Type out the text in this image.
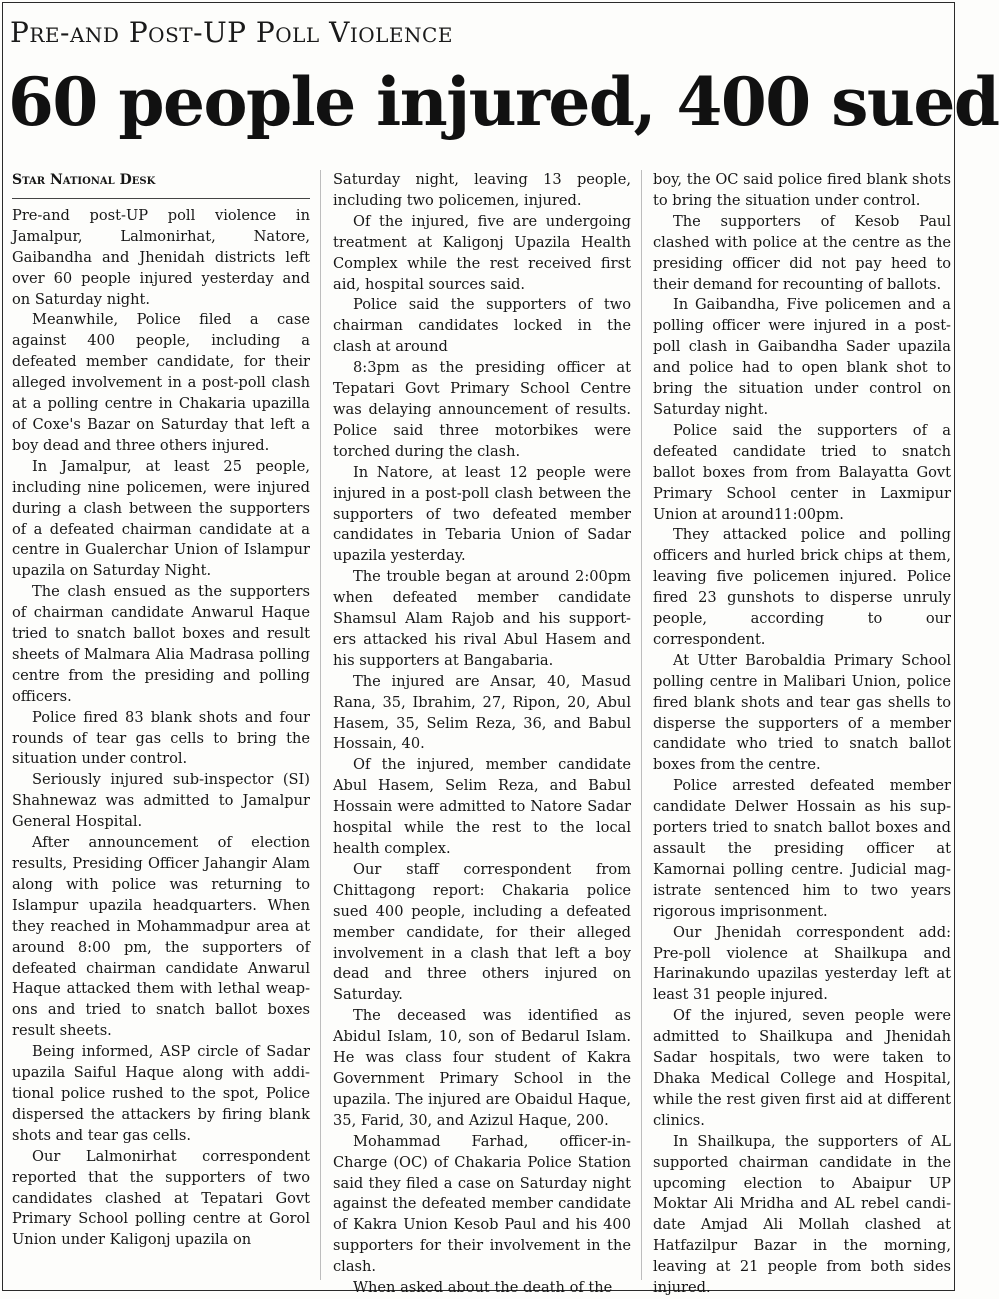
Pre-and Post-UP Poll Violence
60 people injured, 400 sued
Star National Desk

Pre-and post-UP poll violence in Jamalpur, Lalmonirhat, Natore, Gaibandha and Jhenidah districts left over 60 people injured yesterday and on Saturday night.

Meanwhile, Police filed a case against 400 people, including a defeated member candidate, for their alleged involvement in a post-poll clash at a polling centre in Chakaria upazilla of Coxe's Bazar on Saturday that left a boy dead and three others injured.

In Jamalpur, at least 25 people, including nine policemen, were injured during a clash between the supporters of a defeated chairman candidate at a centre in Gualerchar Union of Islampur upazila on Saturday Night.

The clash ensued as the supporters of chairman candidate Anwarul Haque tried to snatch ballot boxes and result sheets of Malmara Alia Madrasa polling centre from the presiding and polling officers.

Police fired 83 blank shots and four rounds of tear gas cells to bring the situation under control.

Seriously injured sub-inspector (SI) Shahnewaz was admitted to Jamalpur General Hospital.

After announcement of election results, Presiding Officer Jahangir Alam along with police was returning to Islampur upazila headquarters. When they reached in Mohammadpur area at around 8:00 pm, the supporters of defeated chairman candidate Anwarul Haque attacked them with lethal weap-ons and tried to snatch ballot boxes result sheets.

Being informed, ASP circle of Sadar upazila Saiful Haque along with addi-tional police rushed to the spot, Police dispersed the attackers by firing blank shots and tear gas cells.

Our Lalmonirhat correspondent reported that the supporters of two candidates clashed at Tepatari Govt Primary School polling centre at Gorol Union under Kaligonj upazila on

Saturday night, leaving 13 people, including two policemen, injured.

Of the injured, five are undergoing treatment at Kaligonj Upazila Health Complex while the rest received first aid, hospital sources said.

Police said the supporters of two chairman candidates locked in the clash at around

8:3pm as the presiding officer at Tepatari Govt Primary School Centre was delaying announcement of results. Police said three motorbikes were torched during the clash.

In Natore, at least 12 people were injured in a post-poll clash between the supporters of two defeated member candidates in Tebaria Union of Sadar upazila yesterday.

The trouble began at around 2:00pm when defeated member candidate Shamsul Alam Rajob and his support-ers attacked his rival Abul Hasem and his supporters at Bangabaria.

The injured are Ansar, 40, Masud Rana, 35, Ibrahim, 27, Ripon, 20, Abul Hasem, 35, Selim Reza, 36, and Babul Hossain, 40.

Of the injured, member candidate Abul Hasem, Selim Reza, and Babul Hossain were admitted to Natore Sadar hospital while the rest to the local health complex.

Our staff correspondent from Chittagong report: Chakaria police sued 400 people, including a defeated member candidate, for their alleged involvement in a clash that left a boy dead and three others injured on Saturday.

The deceased was identified as Abidul Islam, 10, son of Bedarul Islam. He was class four student of Kakra Government Primary School in the upazila. The injured are Obaidul Haque, 35, Farid, 30, and Azizul Haque, 200.

Mohammad Farhad, officer-in-Charge (OC) of Chakaria Police Station said they filed a case on Saturday night against the defeated member candidate of Kakra Union Kesob Paul and his 400 supporters for their involvement in the clash.

When asked about the death of the

boy, the OC said police fired blank shots to bring the situation under control.

The supporters of Kesob Paul clashed with police at the centre as the presiding officer did not pay heed to their demand for recounting of ballots.

In Gaibandha, Five policemen and a polling officer were injured in a post-poll clash in Gaibandha Sader upazila and police had to open blank shot to bring the situation under control on Saturday night.

Police said the supporters of a defeated candidate tried to snatch ballot boxes from from Balayatta Govt Primary School center in Laxmipur Union at around11:00pm.

They attacked police and polling officers and hurled brick chips at them, leaving five policemen injured. Police fired 23 gunshots to disperse unruly people, according to our correspondent.

At Utter Barobaldia Primary School polling centre in Malibari Union, police fired blank shots and tear gas shells to disperse the supporters of a member candidate who tried to snatch ballot boxes from the centre.

Police arrested defeated member candidate Delwer Hossain as his sup-porters tried to snatch ballot boxes and assault the presiding officer at Kamornai polling centre. Judicial mag-istrate sentenced him to two years rigorous imprisonment.

Our Jhenidah correspondent add: Pre-poll violence at Shailkupa and Harinakundo upazilas yesterday left at least 31 people injured.

Of the injured, seven people were admitted to Shailkupa and Jhenidah Sadar hospitals, two were taken to Dhaka Medical College and Hospital, while the rest given first aid at different clinics.

In Shailkupa, the supporters of AL supported chairman candidate in the upcoming election to Abaipur UP Moktar Ali Mridha and AL rebel candi-date Amjad Ali Mollah clashed at Hatfazilpur Bazar in the morning, leaving at 21 people from both sides injured.
